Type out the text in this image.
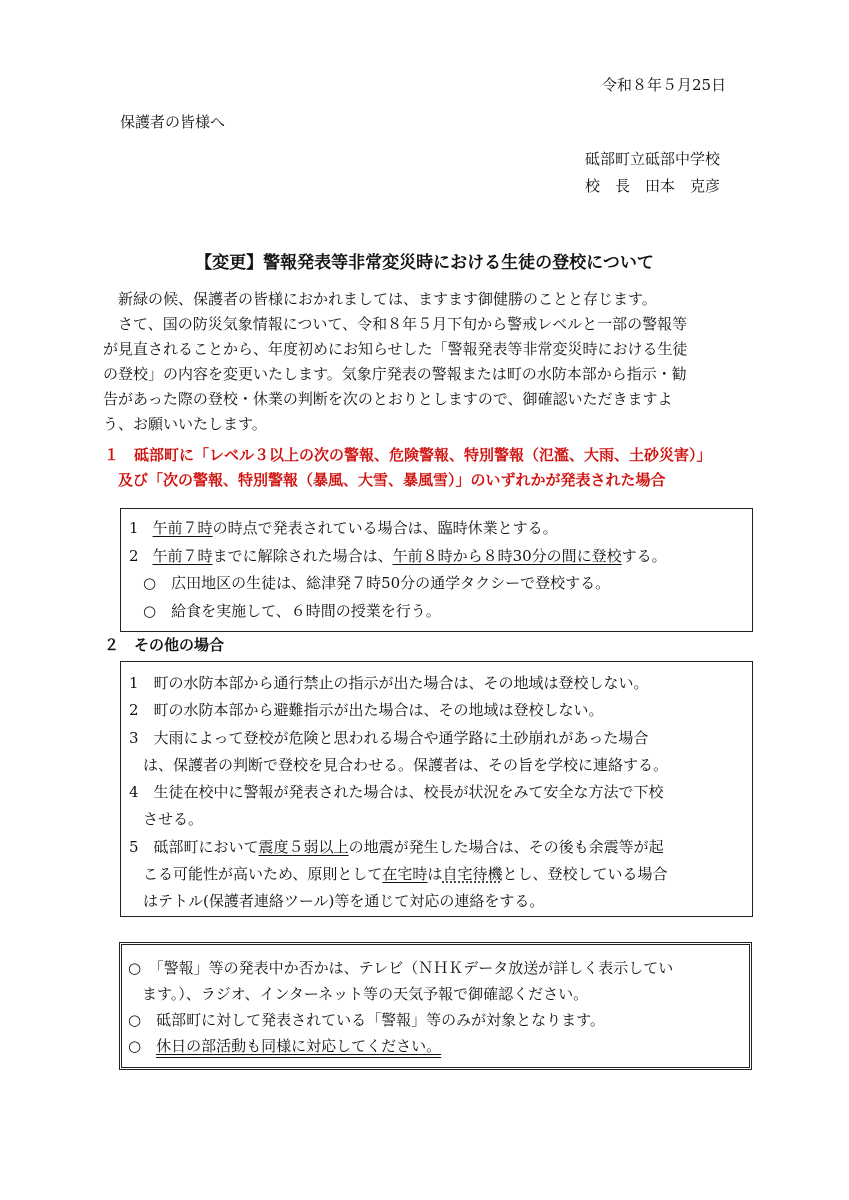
令和８年５月25日
保護者の皆様へ
砥部町立砥部中学校
校　長　田本　克彦
【変更】警報発表等非常変災時における生徒の登校について

新緑の候、保護者の皆様におかれましては、ますます御健勝のことと存じます。

さて、国の防災気象情報について、令和８年５月下旬から警戒レベルと一部の警報等

が見直されることから、年度初めにお知らせした「警報発表等非常変災時における生徒

の登校」の内容を変更いたします。気象庁発表の警報または町の水防本部から指示・勧

告があった際の登校・休業の判断を次のとおりとしますので、御確認いただきますよ

う、お願いいたします。

１　砥部町に「レベル３以上の次の警報、危険警報、特別警報（氾濫、大雨、土砂災害）」
及び「次の警報、特別警報（暴風、大雪、暴風雪）」のいずれかが発表された場合
1 午前７時の時点で発表されている場合は、臨時休業とする。
2 午前７時までに解除された場合は、午前８時から８時30分の間に登校する。
○　広田地区の生徒は、総津発７時50分の通学タクシーで登校する。
○　給食を実施して、６時間の授業を行う。
２　その他の場合
1　町の水防本部から通行禁止の指示が出た場合は、その地域は登校しない。
2　町の水防本部から避難指示が出た場合は、その地域は登校しない。
3　大雨によって登校が危険と思われる場合や通学路に土砂崩れがあった場合
は、保護者の判断で登校を見合わせる。保護者は、その旨を学校に連絡する。
4　生徒在校中に警報が発表された場合は、校長が状況をみて安全な方法で下校
させる。
5　砥部町において震度５弱以上の地震が発生した場合は、その後も余震等が起
こる可能性が高いため、原則として在宅時は自宅待機とし、登校している場合
はテトル(保護者連絡ツール)等を通じて対応の連絡をする。
○　「警報」等の発表中か否かは、テレビ（ＮＨＫデータ放送が詳しく表示してい
ます。）、ラジオ、インターネット等の天気予報で御確認ください。
○　砥部町に対して発表されている「警報」等のみが対象となります。
○　休日の部活動も同様に対応してください。
